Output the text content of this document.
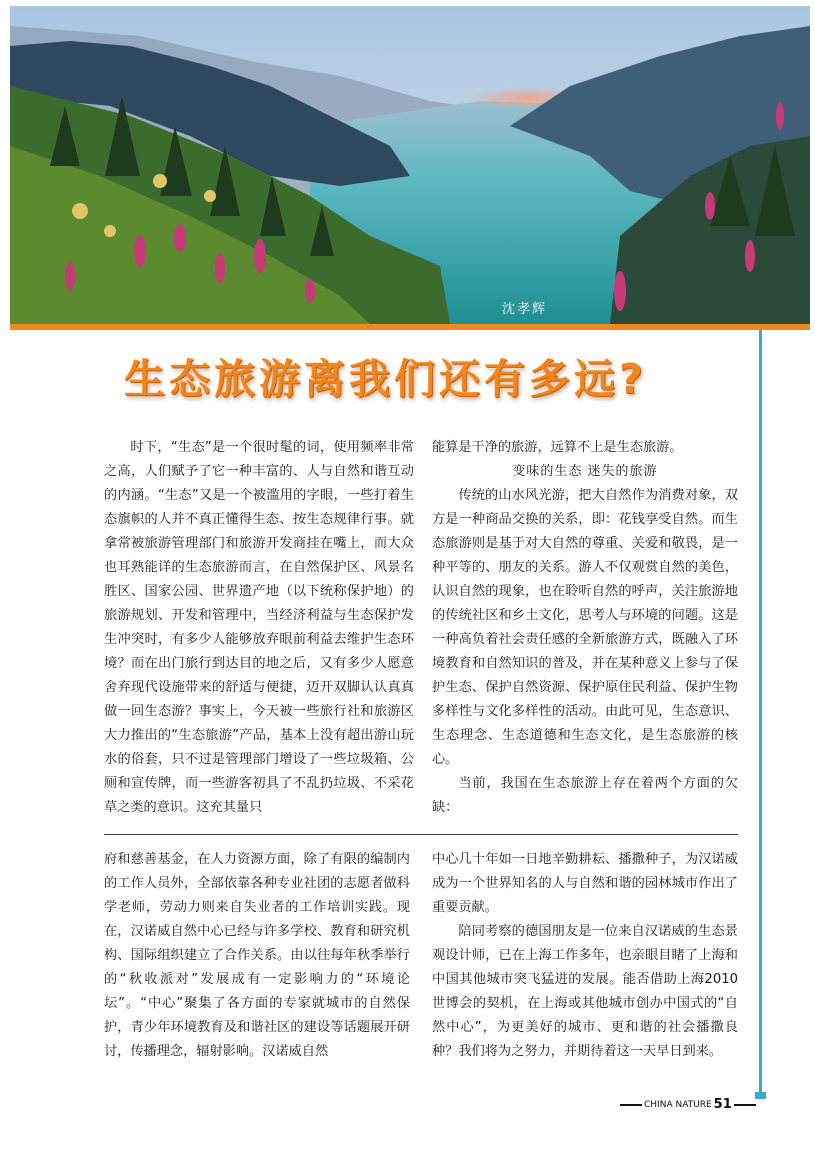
沈孝辉
生态旅游离我们还有多远?

时下，“生态”是一个很时髦的词，使用频率非常之高，人们赋予了它一种丰富的、人与自然和谐互动的内涵。“生态”又是一个被滥用的字眼，一些打着生态旗帜的人并不真正懂得生态、按生态规律行事。就拿常被旅游管理部门和旅游开发商挂在嘴上，而大众也耳熟能详的生态旅游而言，在自然保护区、风景名胜区、国家公园、世界遗产地（以下统称保护地）的旅游规划、开发和管理中，当经济利益与生态保护发生冲突时，有多少人能够放弃眼前利益去维护生态环境？而在出门旅行到达目的地之后，又有多少人愿意舍弃现代设施带来的舒适与便捷，迈开双脚认认真真做一回生态游？事实上，今天被一些旅行社和旅游区大力推出的“生态旅游”产品，基本上没有超出游山玩水的俗套，只不过是管理部门增设了一些垃圾箱、公厕和宣传牌，而一些游客初具了不乱扔垃圾、不采花草之类的意识。这充其量只

能算是干净的旅游，远算不上是生态旅游。

变味的生态 迷失的旅游

传统的山水风光游，把大自然作为消费对象，双方是一种商品交换的关系，即：花钱享受自然。而生态旅游则是基于对大自然的尊重、关爱和敬畏，是一种平等的、朋友的关系。游人不仅观赏自然的美色，认识自然的现象，也在聆听自然的呼声，关注旅游地的传统社区和乡土文化，思考人与环境的问题。这是一种高负着社会责任感的全新旅游方式，既融入了环境教育和自然知识的普及，并在某种意义上参与了保护生态、保护自然资源、保护原住民利益、保护生物多样性与文化多样性的活动。由此可见，生态意识、生态理念、生态道德和生态文化，是生态旅游的核心。

当前，我国在生态旅游上存在着两个方面的欠缺：

府和慈善基金，在人力资源方面，除了有限的编制内的工作人员外，全部依靠各种专业社团的志愿者做科学老师，劳动力则来自失业者的工作培训实践。现在，汉诺威自然中心已经与许多学校、教育和研究机构、国际组织建立了合作关系。由以往每年秋季举行的“秋收派对”发展成有一定影响力的“环境论坛”。“中心”聚集了各方面的专家就城市的自然保护，青少年环境教育及和谐社区的建设等话题展开研讨，传播理念，辐射影响。汉诺威自然

中心几十年如一日地辛勤耕耘、播撒种子，为汉诺威成为一个世界知名的人与自然和谐的园林城市作出了重要贡献。

陪同考察的德国朋友是一位来自汉诺威的生态景观设计师，已在上海工作多年，也亲眼目睹了上海和中国其他城市突飞猛进的发展。能否借助上海2010世博会的契机，在上海或其他城市创办中国式的“自然中心”，为更美好的城市、更和谐的社会播撒良种？我们将为之努力，并期待着这一天早日到来。

CHINA NATURE 51
